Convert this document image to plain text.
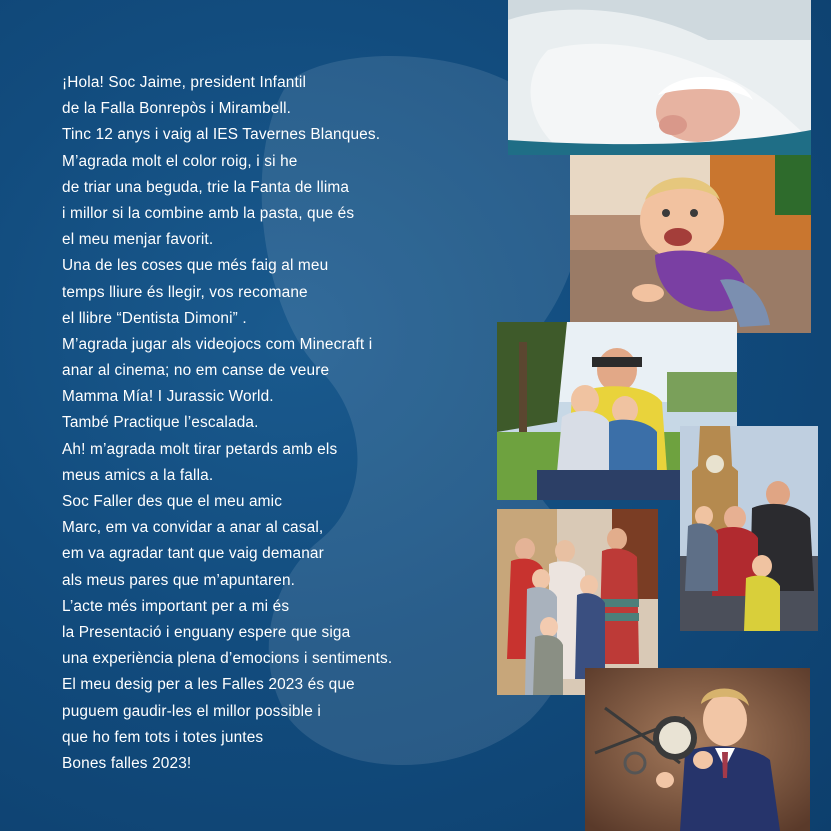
¡Hola! Soc Jaime, president Infantil
de la Falla Bonrepòs i Mirambell.
Tinc 12 anys i vaig al IES Tavernes Blanques.
M’agrada molt el color roig, i si he
de triar una beguda, trie la Fanta de llima
i millor si la combine amb la pasta, que és
el meu menjar favorit.
Una de les coses que més faig al meu
temps lliure és llegir, vos recomane
el llibre “Dentista Dimoni” .
M’agrada jugar als videojocs com Minecraft i
anar al cinema; no em canse de veure
Mamma Mía! I Jurassic World.
També Practique l’escalada.
Ah! m’agrada molt tirar petards amb els
meus amics a la falla.
Soc Faller des que el meu amic
Marc, em va convidar a anar al casal,
em va agradar tant que vaig demanar
als meus pares que m’apuntaren.
L’acte més important per a mi és
la Presentació i enguany espere que siga
una experiència plena d’emocions i sentiments.
El meu desig per a les Falles 2023 és que
puguem gaudir-les el millor possible i
que ho fem tots i totes juntes
Bones falles 2023!
